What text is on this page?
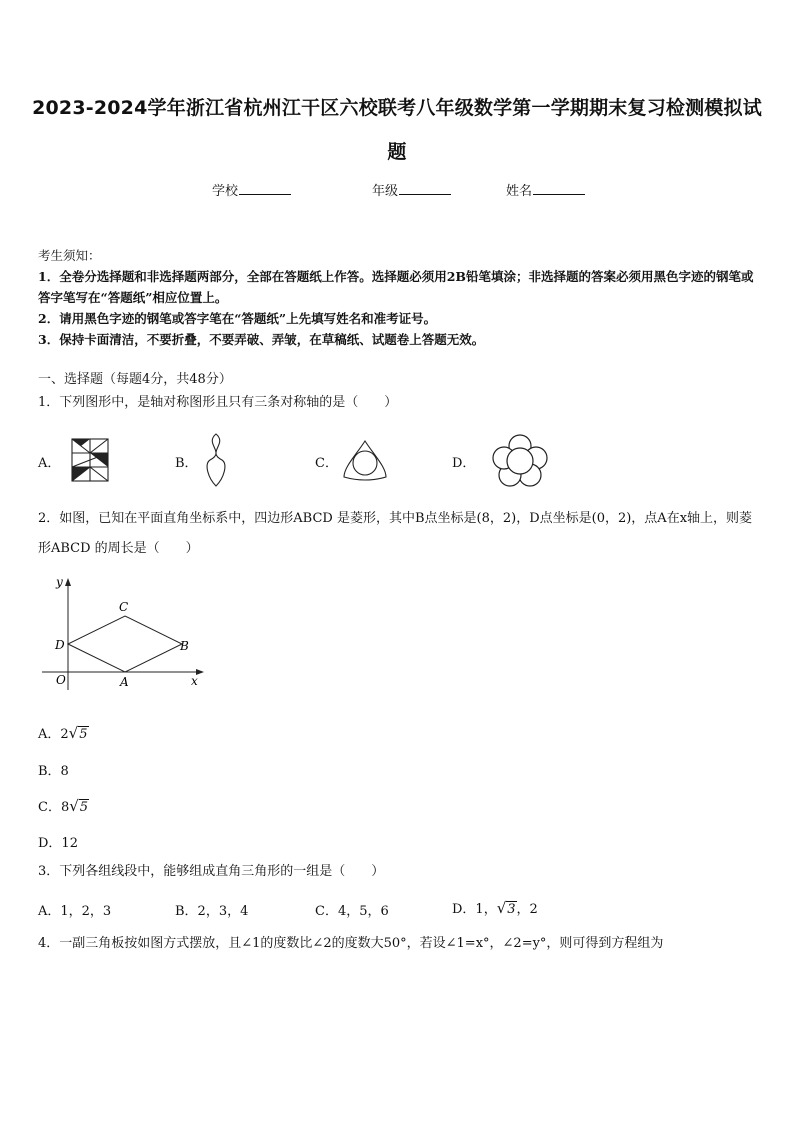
2023-2024学年浙江省杭州江干区六校联考八年级数学第一学期期末复习检测模拟试
题
学校	年级	姓名
考生须知：
1．全卷分选择题和非选择题两部分，全部在答题纸上作答。选择题必须用2B铅笔填涂；非选择题的答案必须用黑色字迹的钢笔或答字笔写在“答题纸”相应位置上。
2．请用黑色字迹的钢笔或答字笔在“答题纸”上先填写姓名和准考证号。
3．保持卡面清洁，不要折叠，不要弄破、弄皱，在草稿纸、试题卷上答题无效。
一、选择题（每题4分，共48分）
1．下列图形中，是轴对称图形且只有三条对称轴的是（　　）
A．	B．	C．	D．
2．如图，已知在平面直角坐标系中，四边形ABCD 是菱形，其中B点坐标是(8，2)，D点坐标是(0，2)，点A在x轴上，则菱形ABCD 的周长是（　　）
y
x
O	A
B
C
D
A．2√5
B．8
C．8√5
D．12
3．下列各组线段中，能够组成直角三角形的一组是（　　）
A．1，2，3	B．2，3，4	C．4，5，6	D．1，√3，2
4．一副三角板按如图方式摆放，且∠1的度数比∠2的度数大50°，若设∠1=x°，∠2=y°，则可得到方程组为
